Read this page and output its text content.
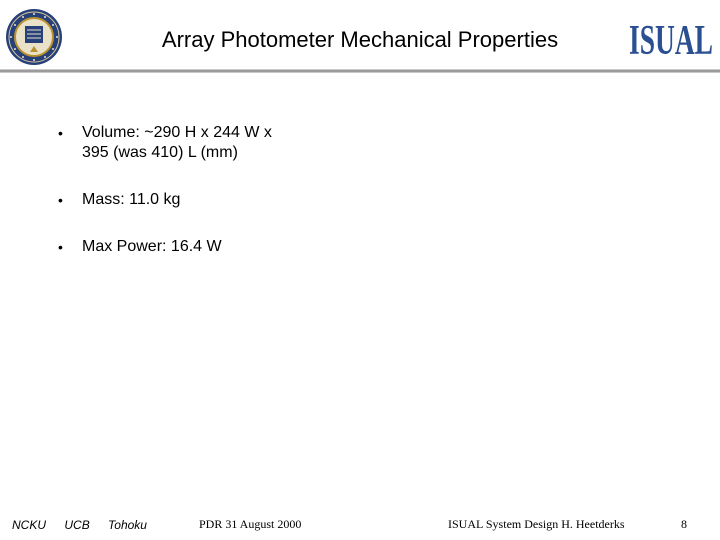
Array Photometer Mechanical Properties	ISUAL
• Volume: ~290 H x 244 W x
395 (was 410) L (mm)
• Mass: 11.0 kg
• Max Power: 16.4 W
NCKU UCB Tohoku	PDR 31 August 2000	ISUAL System Design H. Heetderks	8
